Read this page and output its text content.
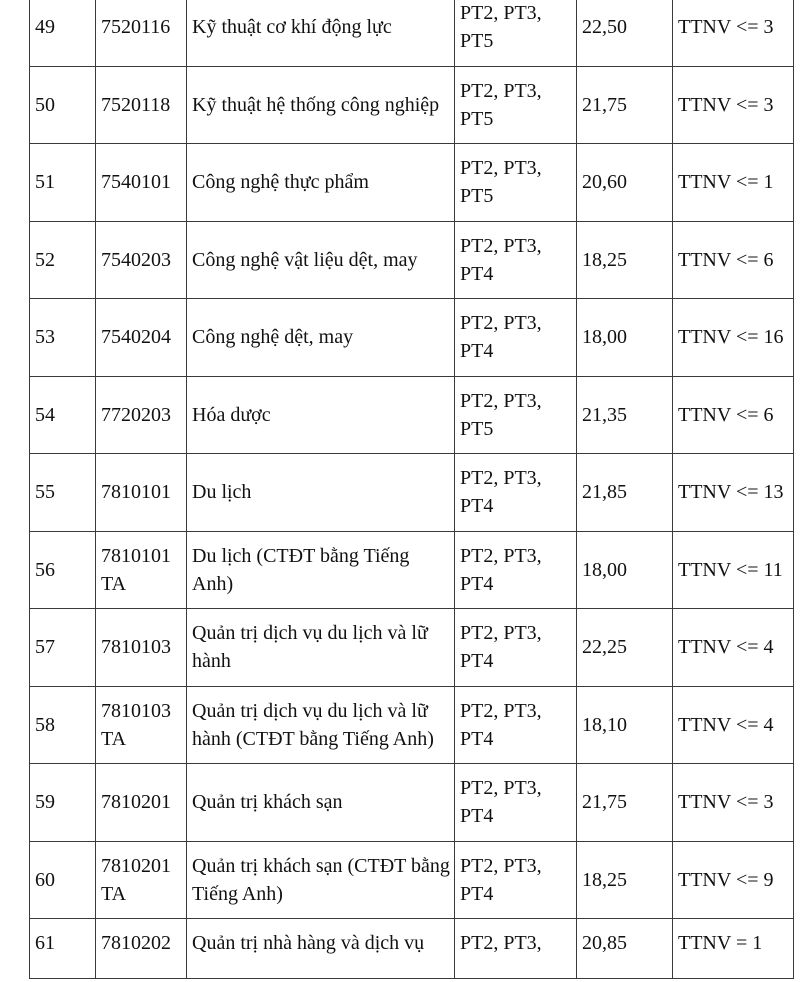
49	7520116	Kỹ thuật cơ khí động lực	PT2, PT3, PT5	22,50	TTNV <= 3
50	7520118	Kỹ thuật hệ thống công nghiệp	PT2, PT3, PT5	21,75	TTNV <= 3
51	7540101	Công nghệ thực phẩm	PT2, PT3, PT5	20,60	TTNV <= 1
52	7540203	Công nghệ vật liệu dệt, may	PT2, PT3, PT4	18,25	TTNV <= 6
53	7540204	Công nghệ dệt, may	PT2, PT3, PT4	18,00	TTNV <= 16
54	7720203	Hóa dược	PT2, PT3, PT5	21,35	TTNV <= 6
55	7810101	Du lịch	PT2, PT3, PT4	21,85	TTNV <= 13
56	7810101 TA	Du lịch (CTĐT bằng Tiếng Anh)	PT2, PT3, PT4	18,00	TTNV <= 11
57	7810103	Quản trị dịch vụ du lịch và lữ hành	PT2, PT3, PT4	22,25	TTNV <= 4
58	7810103 TA	Quản trị dịch vụ du lịch và lữ hành (CTĐT bằng Tiếng Anh)	PT2, PT3, PT4	18,10	TTNV <= 4
59	7810201	Quản trị khách sạn	PT2, PT3, PT4	21,75	TTNV <= 3
60	7810201 TA	Quản trị khách sạn (CTĐT bằng Tiếng Anh)	PT2, PT3, PT4	18,25	TTNV <= 9
61	7810202	Quản trị nhà hàng và dịch vụ	PT2, PT3,	20,85	TTNV = 1
